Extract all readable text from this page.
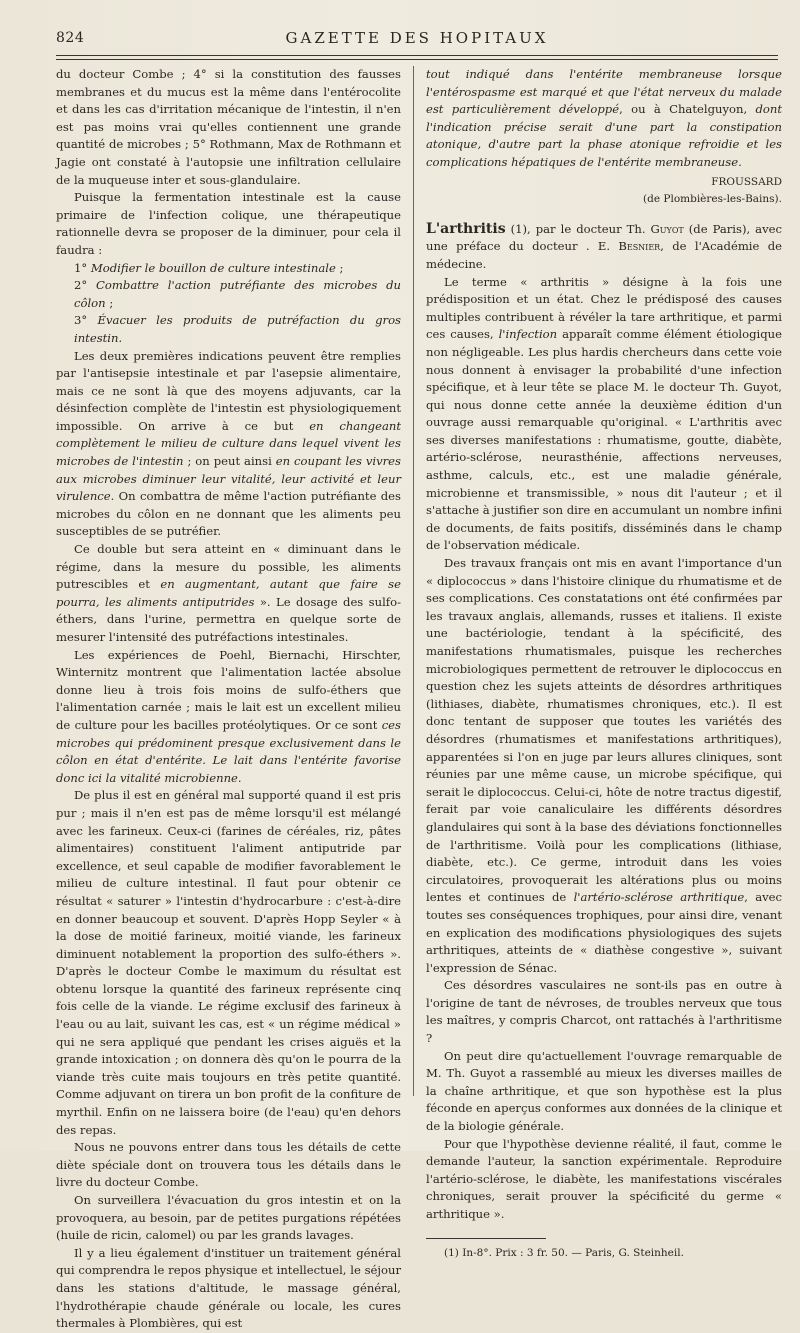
824	GAZETTE DES HOPITAUX

du docteur Combe ; 4° si la constitution des fausses membranes et du mucus est la même dans l'entérocolite et dans les cas d'irritation mécanique de l'intestin, il n'en est pas moins vrai qu'elles contiennent une grande quantité de microbes ; 5° Rothmann, Max de Rothmann et Jagie ont constaté à l'autopsie une infiltration cellulaire de la muqueuse inter et sous-glandulaire.

Puisque la fermentation intestinale est la cause primaire de l'infection colique, une thérapeutique rationnelle devra se proposer de la diminuer, pour cela il faudra :

1° Modifier le bouillon de culture intestinale ;

2° Combattre l'action putréfiante des microbes du côlon ;

3° Évacuer les produits de putréfaction du gros intestin.

Les deux premières indications peuvent être remplies par l'antisepsie intestinale et par l'asepsie alimentaire, mais ce ne sont là que des moyens adjuvants, car la désinfection complète de l'intestin est physiologiquement impossible. On arrive à ce but en changeant complètement le milieu de culture dans lequel vivent les microbes de l'intestin ; on peut ainsi en coupant les vivres aux microbes diminuer leur vitalité, leur activité et leur virulence. On combattra de même l'action putréfiante des microbes du côlon en ne donnant que les aliments peu susceptibles de se putréfier.

Ce double but sera atteint en « diminuant dans le régime, dans la mesure du possible, les aliments putrescibles et en augmentant, autant que faire se pourra, les aliments antiputrides ». Le dosage des sulfo-éthers, dans l'urine, permettra en quelque sorte de mesurer l'intensité des putréfactions intestinales.

Les expériences de Poehl, Biernachi, Hirschter, Winternitz montrent que l'alimentation lactée absolue donne lieu à trois fois moins de sulfo-éthers que l'alimentation carnée ; mais le lait est un excellent milieu de culture pour les bacilles protéolytiques. Or ce sont ces microbes qui prédominent presque exclusivement dans le côlon en état d'entérite. Le lait dans l'entérite favorise donc ici la vitalité microbienne.

De plus il est en général mal supporté quand il est pris pur ; mais il n'en est pas de même lorsqu'il est mélangé avec les farineux. Ceux-ci (farines de céréales, riz, pâtes alimentaires) constituent l'aliment antiputride par excellence, et seul capable de modifier favorablement le milieu de culture intestinal. Il faut pour obtenir ce résultat « saturer » l'intestin d'hydrocarbure : c'est-à-dire en donner beaucoup et souvent. D'après Hopp Seyler « à la dose de moitié farineux, moitié viande, les farineux diminuent notablement la proportion des sulfo-éthers ». D'après le docteur Combe le maximum du résultat est obtenu lorsque la quantité des farineux représente cinq fois celle de la viande. Le régime exclusif des farineux à l'eau ou au lait, suivant les cas, est « un régime médical » qui ne sera appliqué que pendant les crises aiguës et la grande intoxication ; on donnera dès qu'on le pourra de la viande très cuite mais toujours en très petite quantité. Comme adjuvant on tirera un bon profit de la confiture de myrthil. Enfin on ne laissera boire (de l'eau) qu'en dehors des repas.

Nous ne pouvons entrer dans tous les détails de cette diète spéciale dont on trouvera tous les détails dans le livre du docteur Combe.

On surveillera l'évacuation du gros intestin et on la provoquera, au besoin, par de petites purgations répétées (huile de ricin, calomel) ou par les grands lavages.

Il y a lieu également d'instituer un traitement général qui comprendra le repos physique et intellectuel, le séjour dans les stations d'altitude, le massage général, l'hydrothérapie chaude générale ou locale, les cures thermales à Plombières, qui est

tout indiqué dans l'entérite membraneuse lorsque l'entérospasme est marqué et que l'état nerveux du malade est particulièrement développé, ou à Chatelguyon, dont l'indication précise serait d'une part la constipation atonique, d'autre part la phase atonique refroidie et les complications hépatiques de l'entérite membraneuse.

FROUSSARD

(de Plombières-les-Bains).

L'arthritis (1), par le docteur Th. Guyot (de Paris), avec une préface du docteur . E. Besnier, de l'Académie de médecine.

Le terme « arthritis » désigne à la fois une prédisposition et un état. Chez le prédisposé des causes multiples contribuent à révéler la tare arthritique, et parmi ces causes, l'infection apparaît comme élément étiologique non négligeable. Les plus hardis chercheurs dans cette voie nous donnent à envisager la probabilité d'une infection spécifique, et à leur tête se place M. le docteur Th. Guyot, qui nous donne cette année la deuxième édition d'un ouvrage aussi remarquable qu'original. « L'arthritis avec ses diverses manifestations : rhumatisme, goutte, diabète, artério-sclérose, neurasthénie, affections nerveuses, asthme, calculs, etc., est une maladie générale, microbienne et transmissible, » nous dit l'auteur ; et il s'attache à justifier son dire en accumulant un nombre infini de documents, de faits positifs, disséminés dans le champ de l'observation médicale.

Des travaux français ont mis en avant l'importance d'un « diplococcus » dans l'histoire clinique du rhumatisme et de ses complications. Ces constatations ont été confirmées par les travaux anglais, allemands, russes et italiens. Il existe une bactériologie, tendant à la spécificité, des manifestations rhumatismales, puisque les recherches microbiologiques permettent de retrouver le diplococcus en question chez les sujets atteints de désordres arthritiques (lithiases, diabète, rhumatismes chroniques, etc.). Il est donc tentant de supposer que toutes les variétés des désordres (rhumatismes et manifestations arthritiques), apparentées si l'on en juge par leurs allures cliniques, sont réunies par une même cause, un microbe spécifique, qui serait le diplococcus. Celui-ci, hôte de notre tractus digestif, ferait par voie canaliculaire les différents désordres glandulaires qui sont à la base des déviations fonctionnelles de l'arthritisme. Voilà pour les complications (lithiase, diabète, etc.). Ce germe, introduit dans les voies circulatoires, provoquerait les altérations plus ou moins lentes et continues de l'artério-sclérose arthritique, avec toutes ses conséquences trophiques, pour ainsi dire, venant en explication des modifications physiologiques des sujets arthritiques, atteints de « diathèse congestive », suivant l'expression de Sénac.

Ces désordres vasculaires ne sont-ils pas en outre à l'origine de tant de névroses, de troubles nerveux que tous les maîtres, y compris Charcot, ont rattachés à l'arthritisme ?

On peut dire qu'actuellement l'ouvrage remarquable de M. Th. Guyot a rassemblé au mieux les diverses mailles de la chaîne arthritique, et que son hypothèse est la plus féconde en aperçus conformes aux données de la clinique et de la biologie générale.

Pour que l'hypothèse devienne réalité, il faut, comme le demande l'auteur, la sanction expérimentale. Reproduire l'artério-sclérose, le diabète, les manifestations viscérales chroniques, serait prouver la spécificité du germe « arthritique ».

(1) In-8°. Prix : 3 fr. 50. — Paris, G. Steinheil.
